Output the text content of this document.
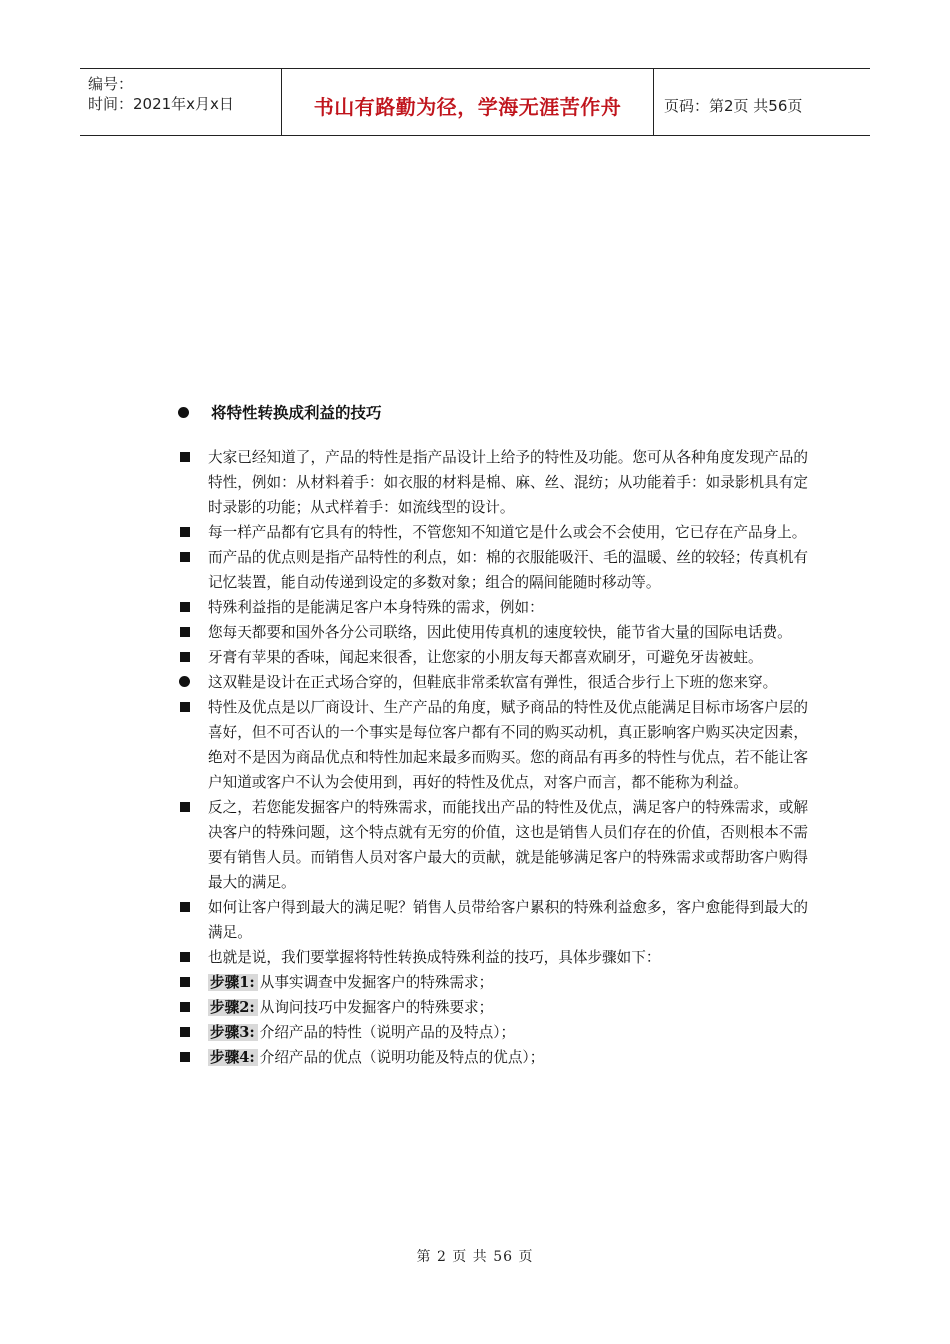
编号：
时间：2021年x月x日	书山有路勤为径，学海无涯苦作舟	页码：第2页 共56页
将特性转换成利益的技巧
大家已经知道了，产品的特性是指产品设计上给予的特性及功能。您可从各种角度发现产品的特性，例如：从材料着手：如衣服的材料是棉、麻、丝、混纺；从功能着手：如录影机具有定时录影的功能；从式样着手：如流线型的设计。
每一样产品都有它具有的特性，不管您知不知道它是什么或会不会使用，它已存在产品身上。
而产品的优点则是指产品特性的利点，如：棉的衣服能吸汗、毛的温暖、丝的较轻；传真机有记忆装置，能自动传递到设定的多数对象；组合的隔间能随时移动等。
特殊利益指的是能满足客户本身特殊的需求，例如：
您每天都要和国外各分公司联络，因此使用传真机的速度较快，能节省大量的国际电话费。
牙膏有苹果的香味，闻起来很香，让您家的小朋友每天都喜欢刷牙，可避免牙齿被蛀。
这双鞋是设计在正式场合穿的，但鞋底非常柔软富有弹性，很适合步行上下班的您来穿。
特性及优点是以厂商设计、生产产品的角度，赋予商品的特性及优点能满足目标市场客户层的喜好，但不可否认的一个事实是每位客户都有不同的购买动机，真正影响客户购买决定因素，绝对不是因为商品优点和特性加起来最多而购买。您的商品有再多的特性与优点，若不能让客户知道或客户不认为会使用到，再好的特性及优点，对客户而言，都不能称为利益。
反之，若您能发掘客户的特殊需求，而能找出产品的特性及优点，满足客户的特殊需求，或解决客户的特殊问题，这个特点就有无穷的价值，这也是销售人员们存在的价值，否则根本不需要有销售人员。而销售人员对客户最大的贡献，就是能够满足客户的特殊需求或帮助客户购得最大的满足。
如何让客户得到最大的满足呢？销售人员带给客户累积的特殊利益愈多，客户愈能得到最大的满足。
也就是说，我们要掌握将特性转换成特殊利益的技巧，具体步骤如下：
步骤1: 从事实调查中发掘客户的特殊需求；
步骤2: 从询问技巧中发掘客户的特殊要求；
步骤3: 介绍产品的特性（说明产品的及特点）；
步骤4: 介绍产品的优点（说明功能及特点的优点）；
第 2 页 共 56 页
